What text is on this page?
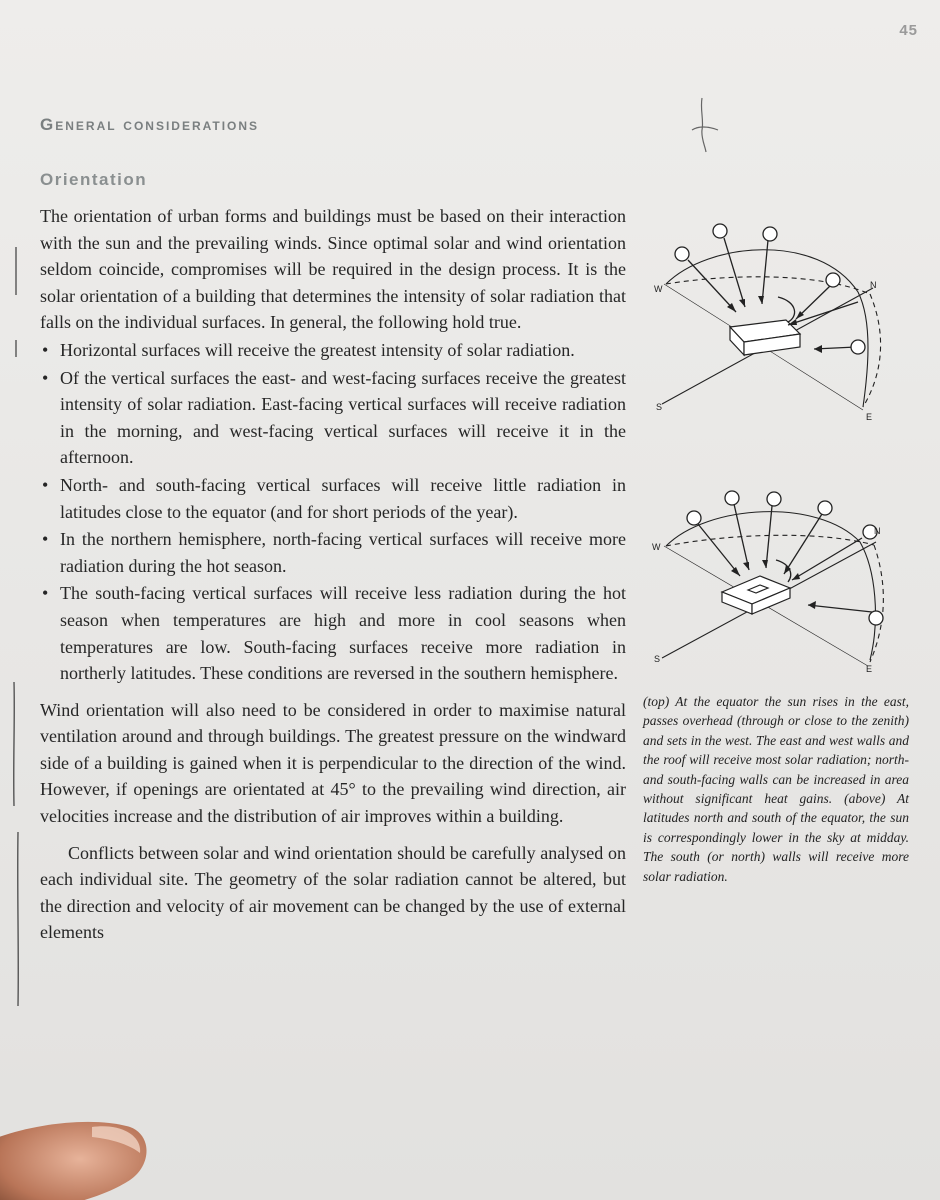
45
General considerations
Orientation

The orientation of urban forms and buildings must be based on their interaction with the sun and the prevailing winds. Since optimal solar and wind orientation seldom coincide, compromises will be required in the design process. It is the solar orientation of a building that determines the intensity of solar radiation that falls on the individual surfaces. In general, the following hold true.

• Horizontal surfaces will receive the greatest intensity of solar radiation.
• Of the vertical surfaces the east- and west-facing surfaces receive the greatest intensity of solar radiation. East-facing vertical surfaces will receive radiation in the morning, and west-facing vertical surfaces will receive it in the afternoon.
• North- and south-facing vertical surfaces will receive little radiation in latitudes close to the equator (and for short periods of the year).
• In the northern hemisphere, north-facing vertical surfaces will receive more radiation during the hot season.
• The south-facing vertical surfaces will receive less radiation during the hot season when temperatures are high and more in cool seasons when temperatures are low. South-facing surfaces receive more radiation in northerly latitudes. These conditions are reversed in the southern hemisphere.

Wind orientation will also need to be considered in order to maximise natural ventilation around and through buildings. The greatest pressure on the windward side of a building is gained when it is perpendicular to the direction of the wind. However, if openings are orientated at 45° to the prevailing wind direction, air velocities increase and the distribution of air improves within a building.

Conflicts between solar and wind orientation should be carefully analysed on each individual site. The geometry of the solar radiation cannot be altered, but the direction and velocity of air movement can be changed by the use of external elements

W	N
S
E
W
N
S
E
(top) At the equator the sun rises in the east, passes overhead (through or close to the zenith) and sets in the west. The east and west walls and the roof will receive most solar radiation; north- and south-facing walls can be increased in area without significant heat gains. (above) At latitudes north and south of the equator, the sun is correspondingly lower in the sky at midday. The south (or north) walls will receive more solar radiation.
